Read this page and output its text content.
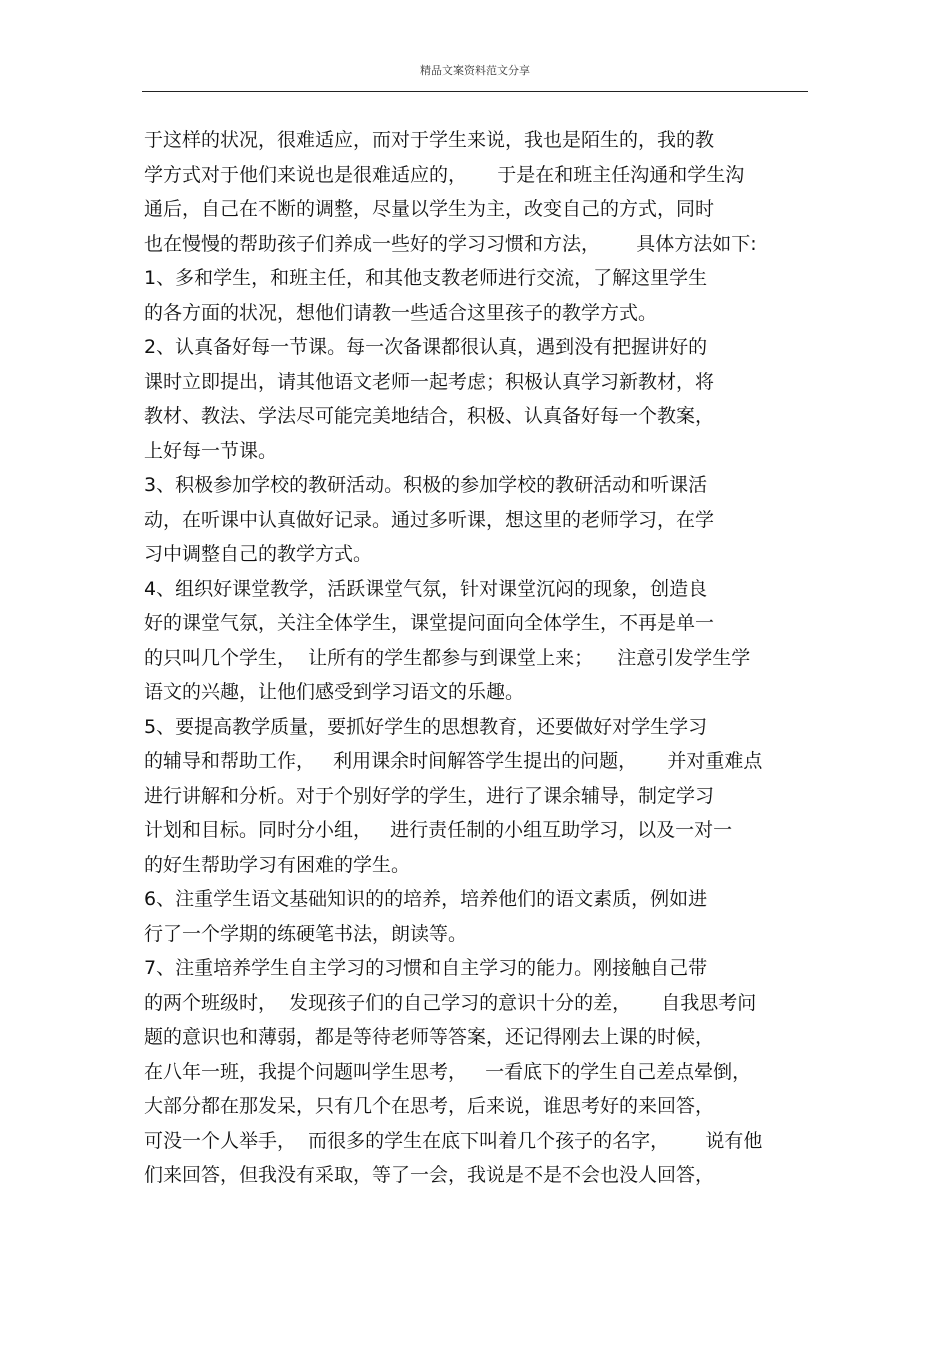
精品文案资料范文分享
于这样的状况，很难适应，而对于学生来说，我也是陌生的，我的教
学方式对于他们来说也是很难适应的，     于是在和班主任沟通和学生沟
通后，自己在不断的调整，尽量以学生为主，改变自己的方式，同时
也在慢慢的帮助孩子们养成一些好的学习习惯和方法，      具体方法如下:
1、多和学生，和班主任，和其他支教老师进行交流，了解这里学生
的各方面的状况，想他们请教一些适合这里孩子的教学方式。
2、认真备好每一节课。每一次备课都很认真，遇到没有把握讲好的
课时立即提出，请其他语文老师一起考虑；积极认真学习新教材，将
教材、教法、学法尽可能完美地结合，积极、认真备好每一个教案，
上好每一节课。
3、积极参加学校的教研活动。积极的参加学校的教研活动和听课活
动，在听课中认真做好记录。通过多听课，想这里的老师学习，在学
习中调整自己的教学方式。
4、组织好课堂教学，活跃课堂气氛，针对课堂沉闷的现象，创造良
好的课堂气氛，关注全体学生，课堂提问面向全体学生，不再是单一
的只叫几个学生，  让所有的学生都参与到课堂上来；    注意引发学生学
语文的兴趣，让他们感受到学习语文的乐趣。
5、要提高教学质量，要抓好学生的思想教育，还要做好对学生学习
的辅导和帮助工作，   利用课余时间解答学生提出的问题，     并对重难点
进行讲解和分析。对于个别好学的学生，进行了课余辅导，制定学习
计划和目标。同时分小组，   进行责任制的小组互助学习，以及一对一
的好生帮助学习有困难的学生。
6、注重学生语文基础知识的的培养，培养他们的语文素质，例如进
行了一个学期的练硬笔书法，朗读等。
7、注重培养学生自主学习的习惯和自主学习的能力。刚接触自己带
的两个班级时，  发现孩子们的自己学习的意识十分的差，     自我思考问
题的意识也和薄弱，都是等待老师等答案，还记得刚去上课的时候，
在八年一班，我提个问题叫学生思考，   一看底下的学生自己差点晕倒，
大部分都在那发呆，只有几个在思考，后来说，谁思考好的来回答，
可没一个人举手，  而很多的学生在底下叫着几个孩子的名字，      说有他
们来回答，但我没有采取，等了一会，我说是不是不会也没人回答，
